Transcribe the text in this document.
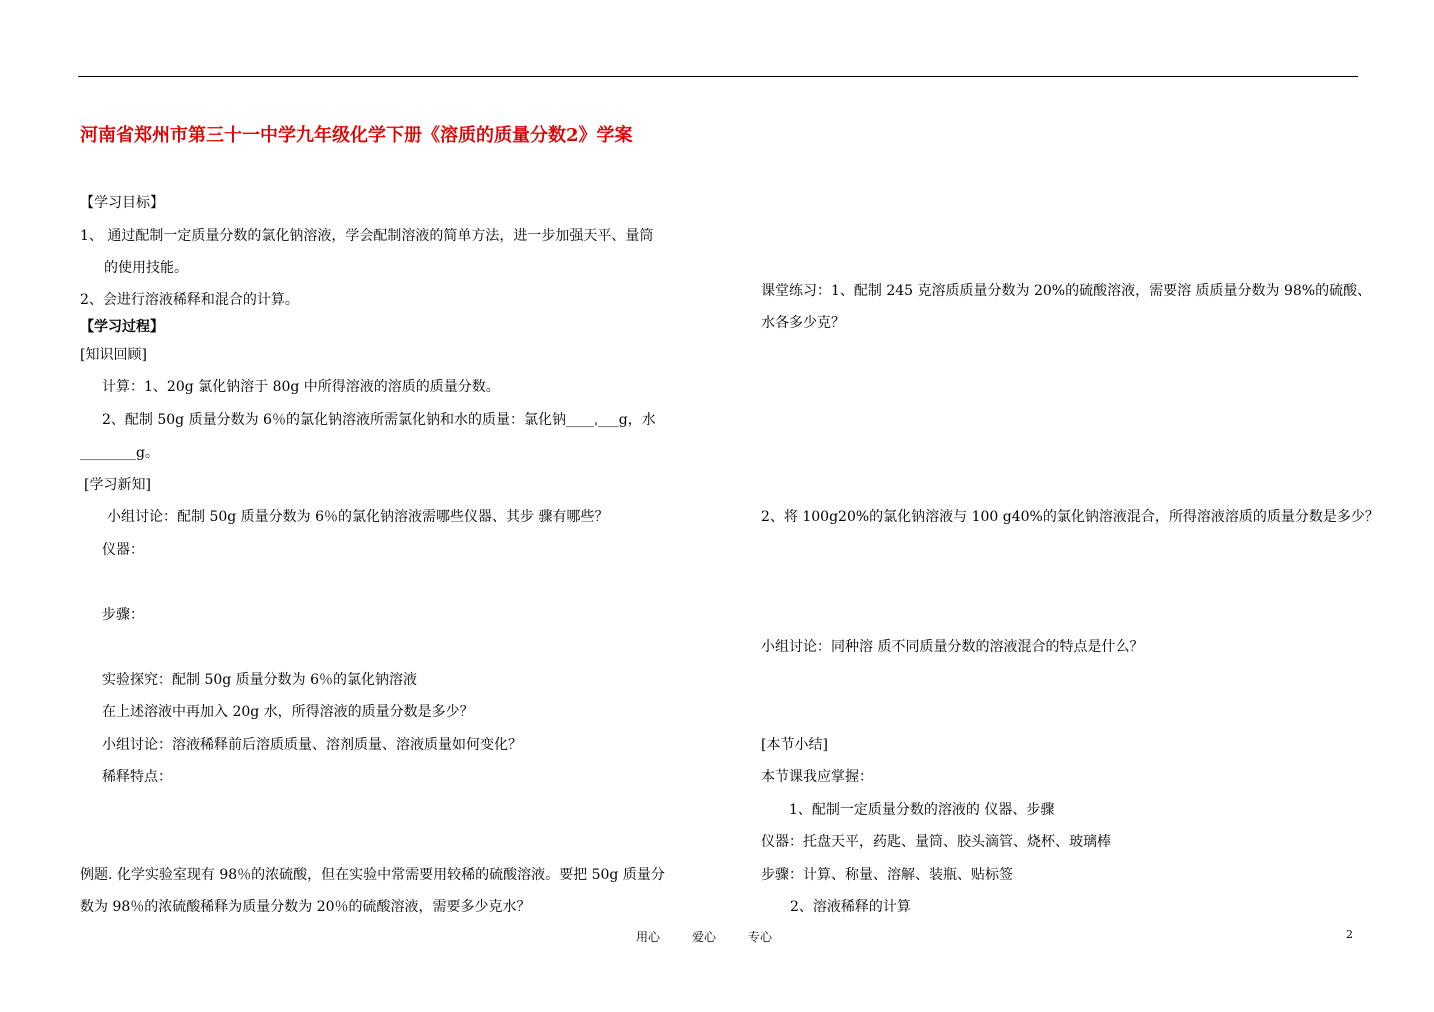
河南省郑州市第三十一中学九年级化学下册《溶质的质量分数2》学案
【学习目标】
1、 通过配制一定质量分数的氯化钠溶液，学会配制溶液的简单方法，进一步加强天平、量筒
的使用技能。
2、会进行溶液稀释和混合的计算。
【学习过程】
[知识回顾]
计算：1、20g 氯化钠溶于 80g 中所得溶液的溶质的质量分数。
2、配制 50g 质量分数为 6％的氯化钠溶液所需氯化钠和水的质量：氯化钠____ˌ___g，水
________g。
[学习新知]
小组讨论：配制 50g 质量分数为 6％的氯化钠溶液需哪些仪器、其步 骤有哪些？
仪器：
步骤：
实验探究：配制 50g 质量分数为 6％的氯化钠溶液
在上述溶液中再加入 20g 水，所得溶液的质量分数是多少？
小组讨论：溶液稀释前后溶质质量、溶剂质量、溶液质量如何变化？
稀释特点：
例题. 化学实验室现有 98％的浓硫酸，但在实验中常需要用较稀的硫酸溶液。要把 50g 质量分
数为 98％的浓硫酸稀释为质量分数为 20％的硫酸溶液，需要多少克水？
课堂练习：1、配制 245 克溶质质量分数为 20%的硫酸溶液，需要溶 质质量分数为 98%的硫酸、
水各多少克？
2、将 100g20%的氯化钠溶液与 100 g40%的氯化钠溶液混合，所得溶液溶质的质量分数是多少？
小组讨论：同种溶 质不同质量分数的溶液混合的特点是什么？
[本节小结]
本节课我应掌握：
1、配制一定质量分数的溶液的 仪器、步骤
仪器：托盘天平，药匙、量筒、胶头滴管、烧杯、玻璃棒
步骤：计算、称量、溶解、装瓶、贴标签
2、溶液稀释的计算
用心	爱心	专心	2
